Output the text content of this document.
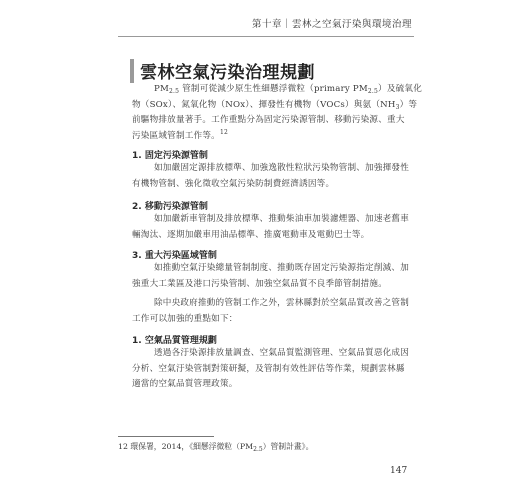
第十章｜雲林之空氣汙染與環境治理
雲林空氣污染治理規劃
$PM_{2.5}$ 管制可從減少原生性細懸浮微粒（primary $PM_{2.5}$）及硫氧化
物（SOx）、氮氧化物（NOx）、揮發性有機物（VOCs）與氨$(NH_3)$等
前驅物排放量著手。工作重點分為固定污染源管制、移動污染源、重大
污染區域管制工作等。$^{12}$
1. 固定污染源管制
如加嚴固定源排放標準、加強逸散性粒狀污染物管制、加強揮發性
有機物管制、強化徵收空氣污染防制費經濟誘因等。
2. 移動污染源管制
如加嚴新車管制及排放標準、推動柴油車加裝濾煙器、加速老舊車
輛淘汰、逐期加嚴車用油品標準、推廣電動車及電動巴士等。
3. 重大污染區域管制
如推動空氣汙染總量管制制度、推動既存固定污染源指定削減、加
強重大工業區及港口污染管制、加強空氣品質不良季節管制措施。
除中央政府推動的管制工作之外，雲林縣對於空氣品質改善之管制
工作可以加強的重點如下：
1. 空氣品質管理規劃
透過各汙染源排放量調查、空氣品質監測管理、空氣品質惡化成因
分析、空氣汙染管制對策研擬，及管制有效性評估等作業，規劃雲林縣
適當的空氣品質管理政策。
12 環保署，2014，《細懸浮微粒$(PM_{2.5})$管制計畫》。
147
